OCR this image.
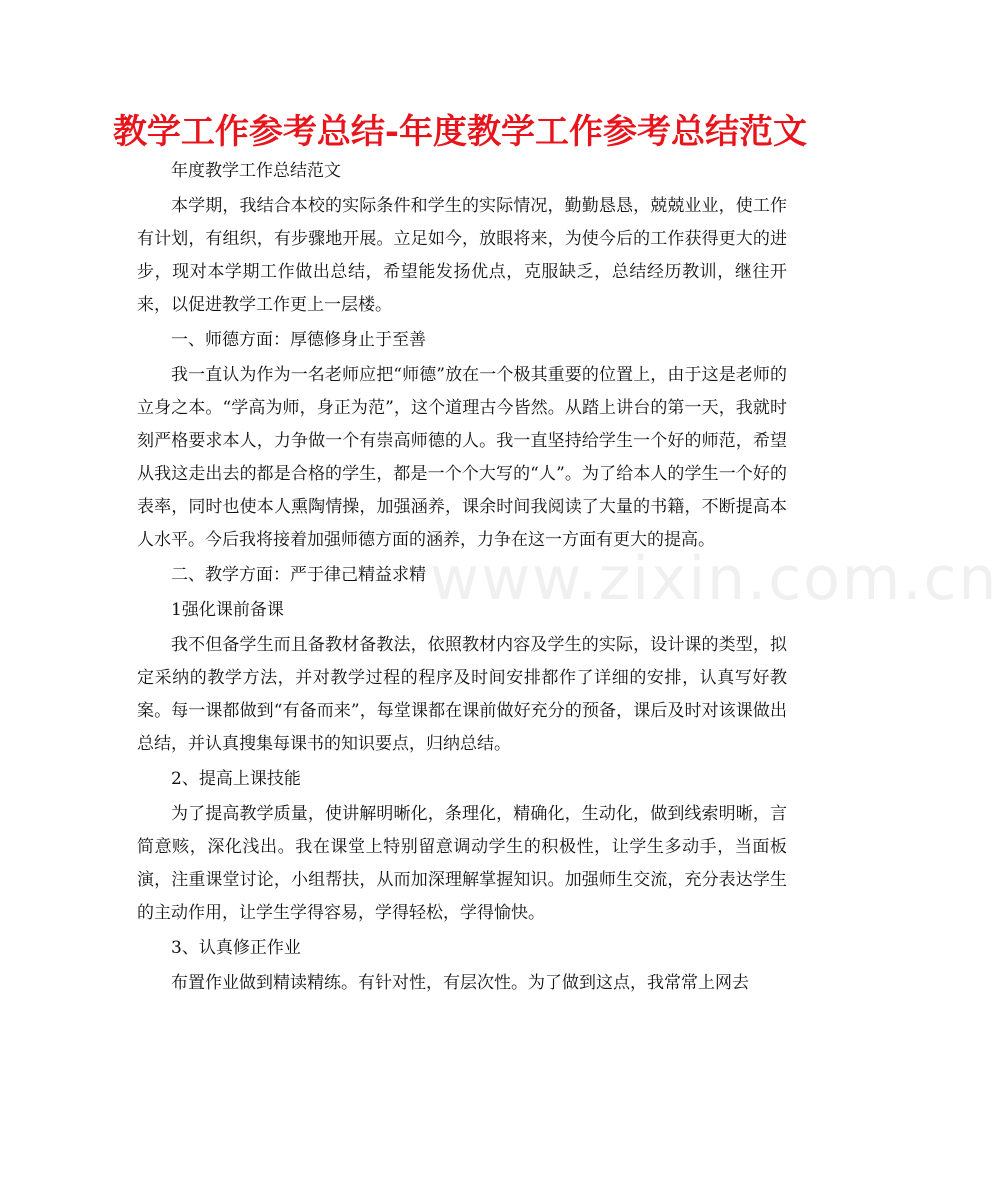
教学工作参考总结-年度教学工作参考总结范文

年度教学工作总结范文

本学期，我结合本校的实际条件和学生的实际情况，勤勤恳恳，兢兢业业，使工作有计划，有组织，有步骤地开展。立足如今，放眼将来，为使今后的工作获得更大的进步，现对本学期工作做出总结，希望能发扬优点，克服缺乏，总结经历教训，继往开来，以促进教学工作更上一层楼。

一、师德方面：厚德修身止于至善

我一直认为作为一名老师应把“师德”放在一个极其重要的位置上，由于这是老师的立身之本。“学高为师，身正为范”，这个道理古今皆然。从踏上讲台的第一天，我就时刻严格要求本人，力争做一个有崇高师德的人。我一直坚持给学生一个好的师范，希望从我这走出去的都是合格的学生，都是一个个大写的“人”。为了给本人的学生一个好的表率，同时也使本人熏陶情操，加强涵养，课余时间我阅读了大量的书籍，不断提高本人水平。今后我将接着加强师德方面的涵养，力争在这一方面有更大的提高。

二、教学方面：严于律己精益求精

1强化课前备课

我不但备学生而且备教材备教法，依照教材内容及学生的实际，设计课的类型，拟定采纳的教学方法，并对教学过程的程序及时间安排都作了详细的安排，认真写好教案。每一课都做到“有备而来”，每堂课都在课前做好充分的预备，课后及时对该课做出总结，并认真搜集每课书的知识要点，归纳总结。

2、提高上课技能

为了提高教学质量，使讲解明晰化，条理化，精确化，生动化，做到线索明晰，言简意赅，深化浅出。我在课堂上特别留意调动学生的积极性，让学生多动手，当面板演，注重课堂讨论，小组帮扶，从而加深理解掌握知识。加强师生交流，充分表达学生的主动作用，让学生学得容易，学得轻松，学得愉快。

3、认真修正作业

布置作业做到精读精练。有针对性，有层次性。为了做到这点，我常常上网去

www.zixin.com.cn
